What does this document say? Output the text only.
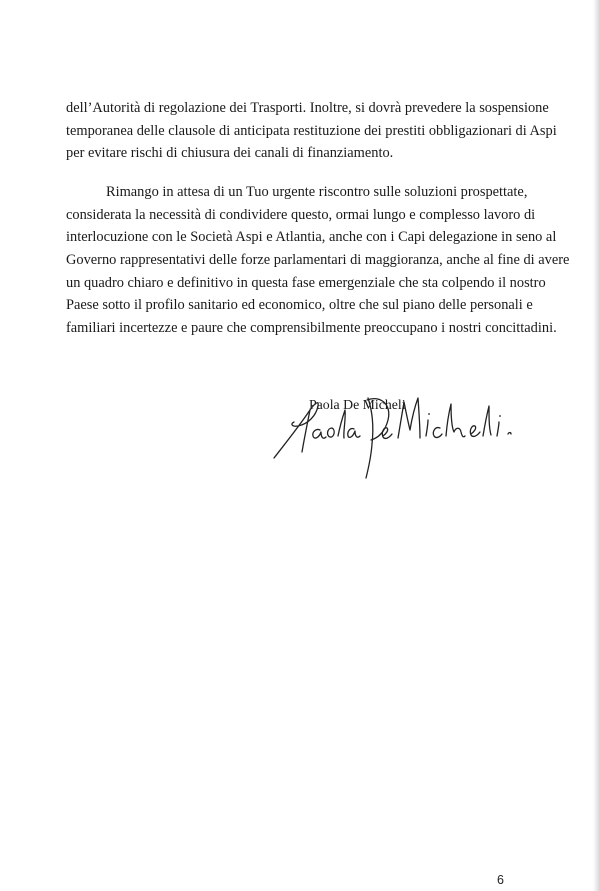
dell’Autorità di regolazione dei Trasporti. Inoltre, si dovrà prevedere la sospensione
temporanea delle clausole di anticipata restituzione dei prestiti obbligazionari di Aspi
per evitare rischi di chiusura dei canali di finanziamento.
Rimango in attesa di un Tuo urgente riscontro sulle soluzioni prospettate,
considerata la necessità di condividere questo, ormai lungo e complesso lavoro di
interlocuzione con le Società Aspi e Atlantia, anche con i Capi delegazione in seno al
Governo rappresentativi delle forze parlamentari di maggioranza, anche al fine di avere
un quadro chiaro e definitivo in questa fase emergenziale che sta colpendo il nostro
Paese sotto il profilo sanitario ed economico, oltre che sul piano delle personali e
familiari incertezze e paure che comprensibilmente preoccupano i nostri concittadini.
Paola De Micheli
6
